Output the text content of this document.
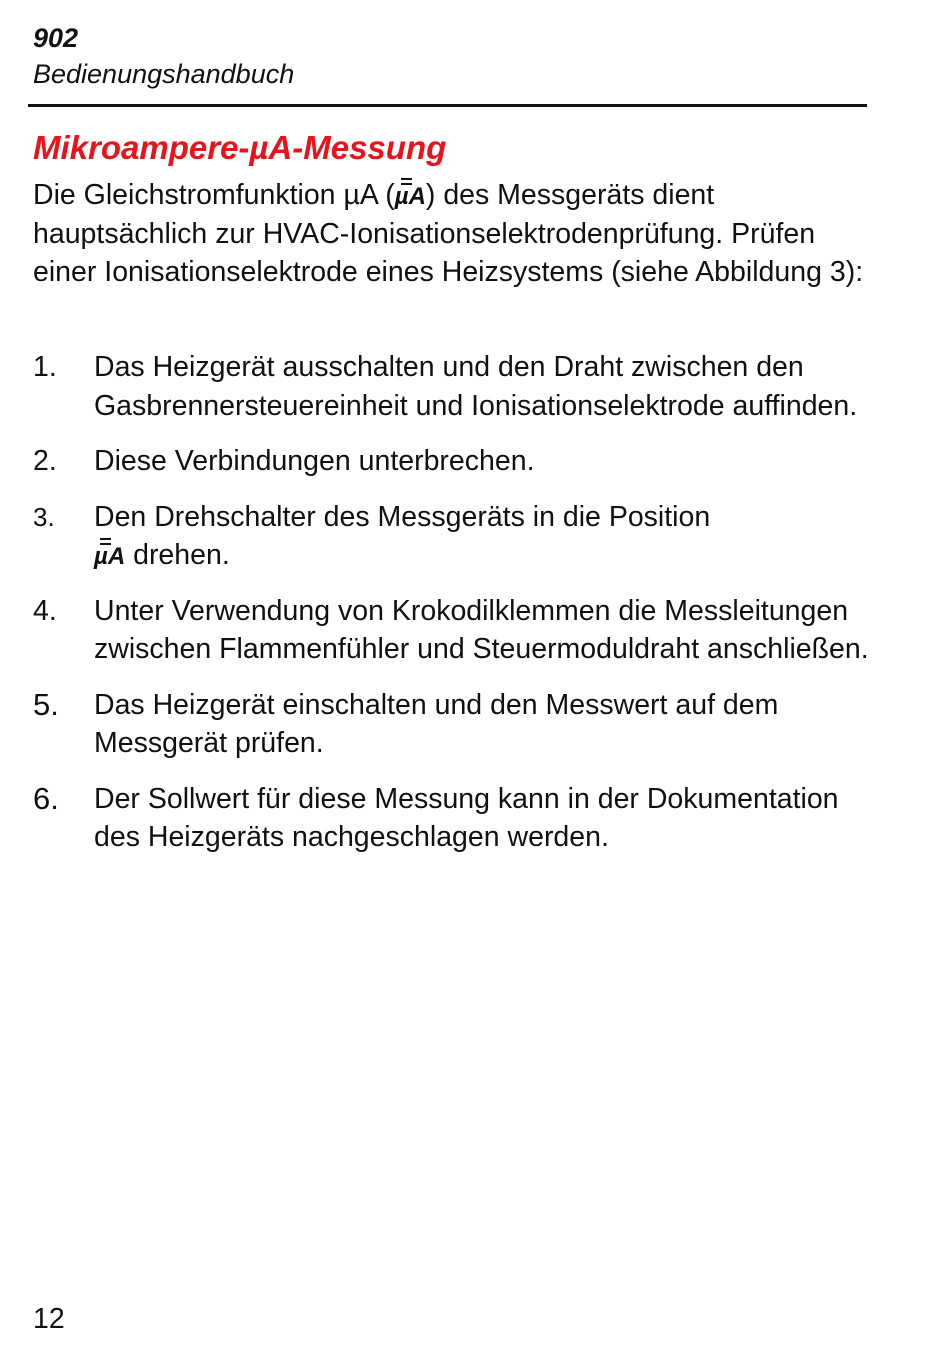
902
Bedienungshandbuch
Mikroampere-µA-Messung
Die Gleichstromfunktion µA (
µA) des Messgeräts dient hauptsächlich zur HVAC-Ionisationselektrodenprüfung. Prüfen einer Ionisationselektrode eines Heizsystems (siehe Abbildung 3):
1. Das Heizgerät ausschalten und den Draht zwischen den Gasbrennersteuereinheit und Ionisationselektrode auffinden.
2. Diese Verbindungen unterbrechen.
3. Den Drehschalter des Messgeräts in die Position

µA drehen.
4. Unter Verwendung von Krokodilklemmen die Messleitungen zwischen Flammenfühler und Steuermoduldraht anschließen.
5. Das Heizgerät einschalten und den Messwert auf dem Messgerät prüfen.
6. Der Sollwert für diese Messung kann in der Dokumentation des Heizgeräts nachgeschlagen werden.
12
